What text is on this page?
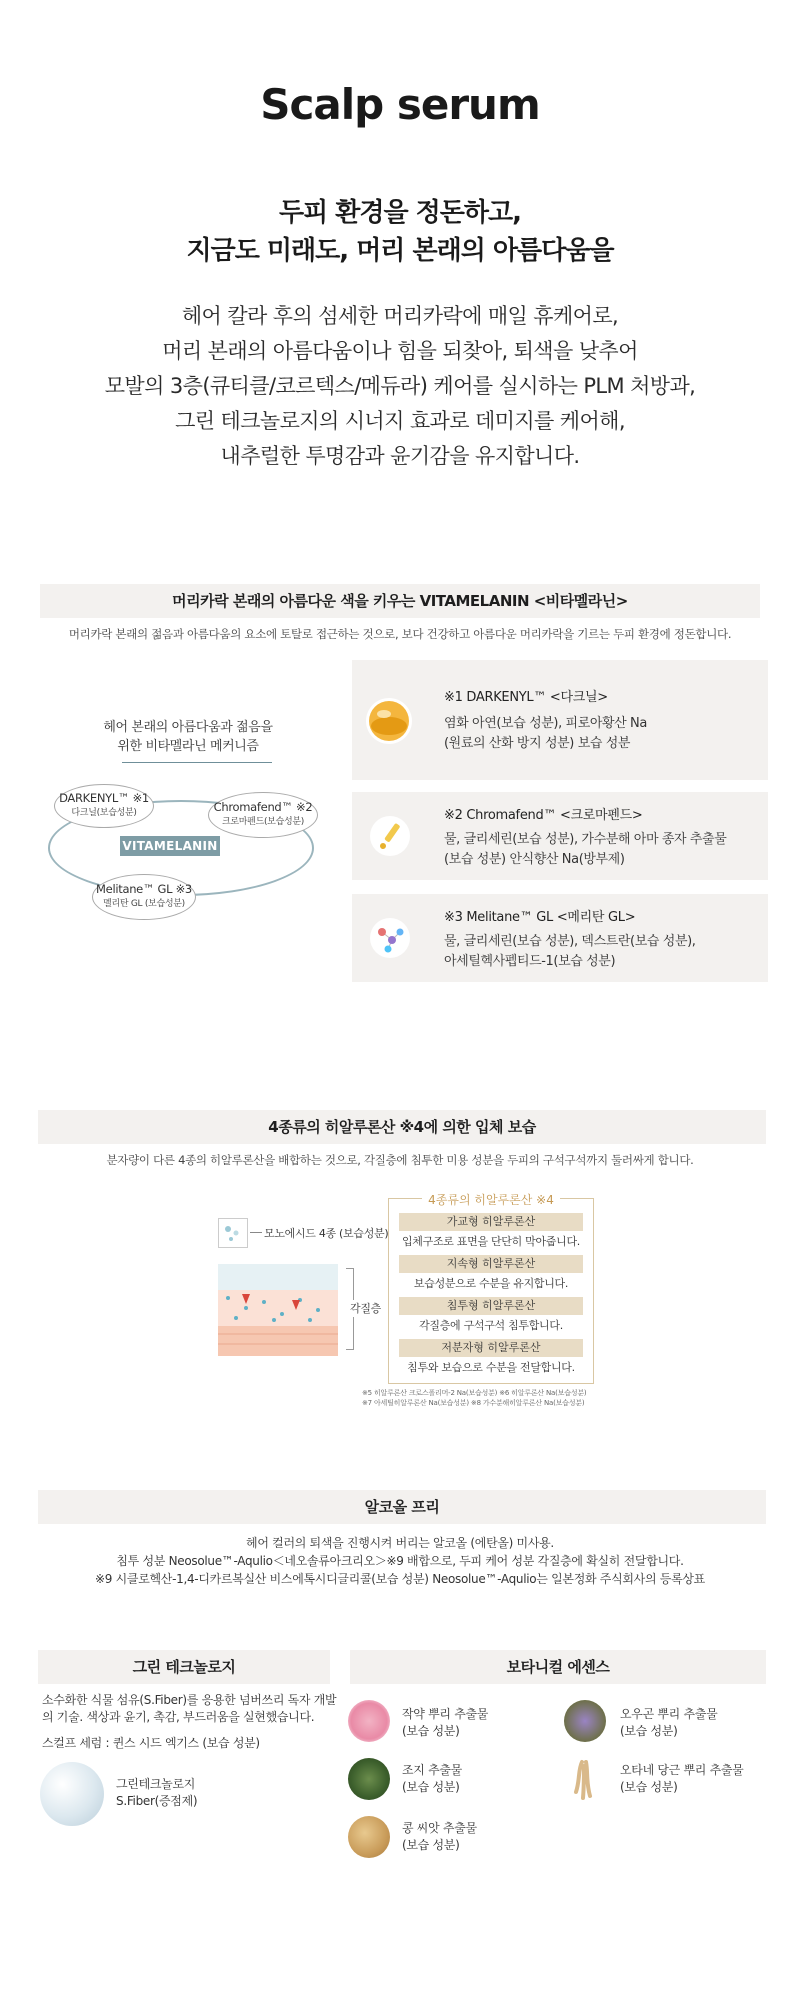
Scalp serum
두피 환경을 정돈하고,
지금도 미래도, 머리 본래의 아름다움을
헤어 칼라 후의 섬세한 머리카락에 매일 휴케어로,
머리 본래의 아름다움이나 힘을 되찾아, 퇴색을 낮추어
모발의 3층(큐티클/코르텍스/메듀라) 케어를 실시하는 PLM 처방과,
그린 테크놀로지의 시너지 효과로 데미지를 케어해,
내추럴한 투명감과 윤기감을 유지합니다.
머리카락 본래의 아름다운 색을 키우는 VITAMELANIN <비타멜라닌>
머리카락 본래의 젊음과 아름다움의 요소에 토탈로 접근하는 것으로, 보다 건강하고 아름다운 머리카락을 기르는 두피 환경에 정돈합니다.
헤어 본래의 아름다움과 젊음을
위한 비타멜라닌 메커니즘
VITAMELANIN
DARKENYL™ ※1
다크닐(보습성분)	Chromafend™ ※2
크로마펜드(보습성분)
Melitane™ GL ※3
멜리탄 GL (보습성분)
※1 DARKENYL™ <다크닐>
염화 아연(보습 성분), 피로아황산 Na
(원료의 산화 방지 성분) 보습 성분
※2 Chromafend™ <크로마펜드>
물, 글리세린(보습 성분), 가수분해 아마 종자 추출물
(보습 성분) 안식향산 Na(방부제)
※3 Melitane™ GL <메리탄 GL>
물, 글리세린(보습 성분), 덱스트란(보습 성분),
아세틸헥사펩티드-1(보습 성분)
4종류의 히알루론산 ※4에 의한 입체 보습
분자량이 다른 4종의 히알루론산을 배합하는 것으로, 각질층에 침투한 미용 성분을 두피의 구석구석까지 둘러싸게 합니다.
모노에시드 4종 (보습성분)
각질층
4종류의 히알루론산 ※4
가교형 히알루론산
입체구조로 표면을 단단히 막아줍니다.
지속형 히알루론산
보습성분으로 수분을 유지합니다.
침투형 히알루론산
각질층에 구석구석 침투합니다.
저분자형 히알루론산
침투와 보습으로 수분을 전달합니다.
※5 히알루론산 크로스폴리머-2 Na(보습성분) ※6 히알루론산 Na(보습성분)
※7 아세틸히알루론산 Na(보습성분) ※8 가수분해히알루론산 Na(보습성분)
알코올 프리
헤어 컬러의 퇴색을 진행시켜 버리는 알코올 (에탄올) 미사용.
침투 성분 Neosolue™-Aqulio＜네오솔류아크리오＞※9 배합으로, 두피 케어 성분 각질층에 확실히 전달합니다.
※9 시클로헥산-1,4-디카르복실산 비스에톡시디글리콜(보습 성분) Neosolue™-Aqulio는 일본정화 주식회사의 등록상표
그린 테크놀로지
소수화한 식물 섬유(S.Fiber)를 응용한 넘버쓰리 독자 개발
의 기술. 색상과 윤기, 촉감, 부드러움을 실현했습니다.
스컬프 세럼 : 퀸스 시드 엑기스 (보습 성분)
그린테크놀로지
S.Fiber(증점제)
보타니컬 에센스
작약 뿌리 추출물
(보습 성분)
오우곤 뿌리 추출물
(보습 성분)
조지 추출물
(보습 성분)
오타네 당근 뿌리 추출물
(보습 성분)
콩 씨앗 추출물
(보습 성분)
